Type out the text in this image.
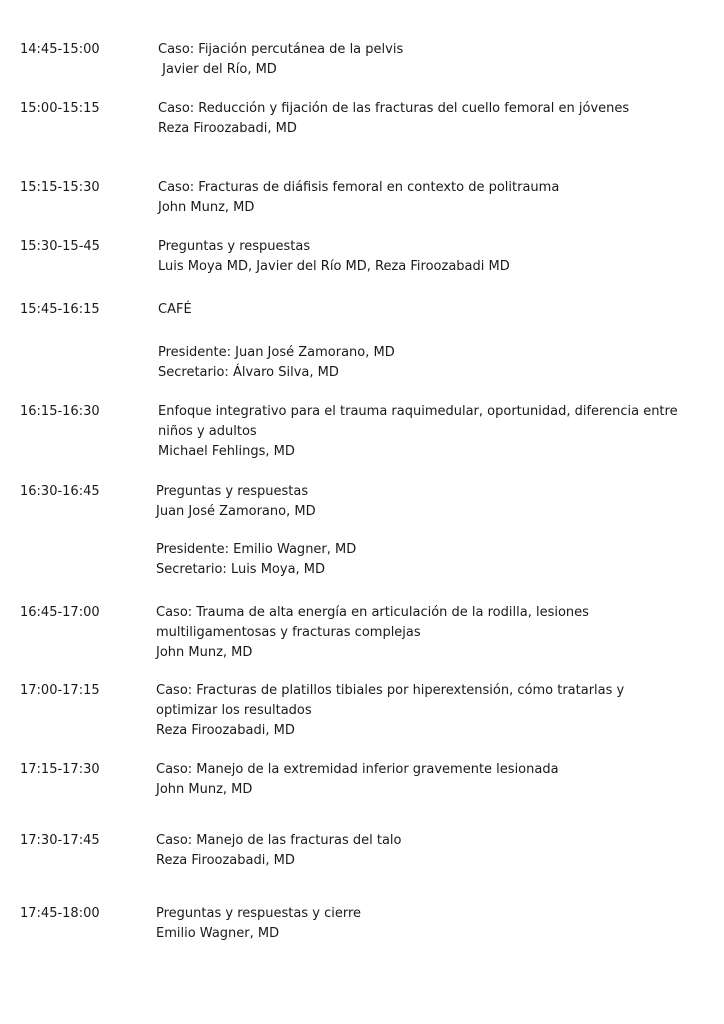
14:45-15:00	Caso: Fijación percutánea de la pelvis
Javier del Río, MD
15:00-15:15	Caso: Reducción y fijación de las fracturas del cuello femoral en jóvenes
Reza Firoozabadi, MD
15:15-15:30	Caso: Fracturas de diáfisis femoral en contexto de politrauma
John Munz, MD
15:30-15-45	Preguntas y respuestas
Luis Moya MD, Javier del Río MD, Reza Firoozabadi MD
15:45-16:15	CAFÉ
Presidente: Juan José Zamorano, MD
Secretario: Álvaro Silva, MD
16:15-16:30	Enfoque integrativo para el trauma raquimedular, oportunidad, diferencia entre
niños y adultos
Michael Fehlings, MD
16:30-16:45	Preguntas y respuestas
Juan José Zamorano, MD
Presidente: Emilio Wagner, MD
Secretario: Luis Moya, MD
16:45-17:00	Caso: Trauma de alta energía en articulación de la rodilla, lesiones
multiligamentosas y fracturas complejas
John Munz, MD
17:00-17:15	Caso: Fracturas de platillos tibiales por hiperextensión, cómo tratarlas y
optimizar los resultados
Reza Firoozabadi, MD
17:15-17:30	Caso: Manejo de la extremidad inferior gravemente lesionada
John Munz, MD
17:30-17:45	Caso: Manejo de las fracturas del talo
Reza Firoozabadi, MD
17:45-18:00	Preguntas y respuestas y cierre
Emilio Wagner, MD
